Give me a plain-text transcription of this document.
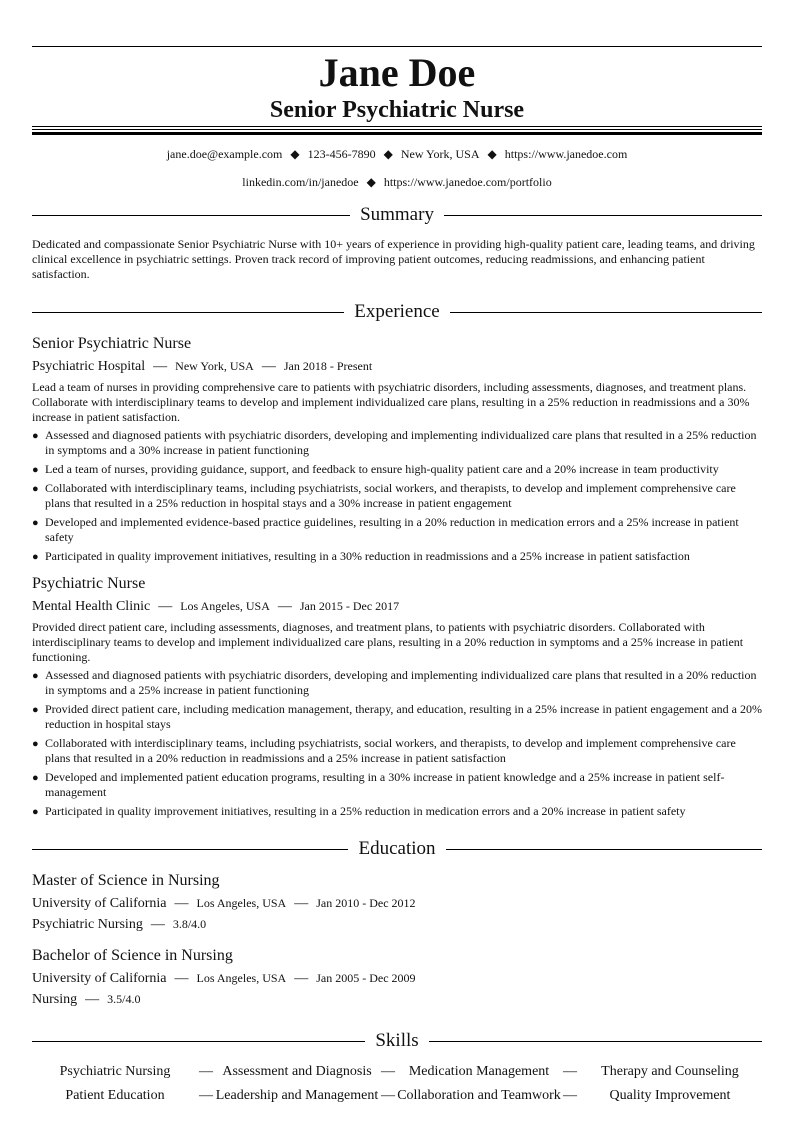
Jane Doe
Senior Psychiatric Nurse
jane.doe@example.com ◆ 123-456-7890 ◆ New York, USA ◆ https://www.janedoe.com
linkedin.com/in/janedoe ◆ https://www.janedoe.com/portfolio
Summary
Dedicated and compassionate Senior Psychiatric Nurse with 10+ years of experience in providing high-quality patient care, leading teams, and driving clinical excellence in psychiatric settings. Proven track record of improving patient outcomes, reducing readmissions, and enhancing patient satisfaction.
Experience
Senior Psychiatric Nurse
Psychiatric Hospital — New York, USA — Jan 2018 - Present
Lead a team of nurses in providing comprehensive care to patients with psychiatric disorders, including assessments, diagnoses, and treatment plans. Collaborate with interdisciplinary teams to develop and implement individualized care plans, resulting in a 25% reduction in readmissions and a 30% increase in patient satisfaction.
● Assessed and diagnosed patients with psychiatric disorders, developing and implementing individualized care plans that resulted in a 25% reduction in symptoms and a 30% increase in patient functioning
● Led a team of nurses, providing guidance, support, and feedback to ensure high-quality patient care and a 20% increase in team productivity
● Collaborated with interdisciplinary teams, including psychiatrists, social workers, and therapists, to develop and implement comprehensive care plans that resulted in a 25% reduction in hospital stays and a 30% increase in patient engagement
● Developed and implemented evidence-based practice guidelines, resulting in a 20% reduction in medication errors and a 25% increase in patient safety
● Participated in quality improvement initiatives, resulting in a 30% reduction in readmissions and a 25% increase in patient satisfaction
Psychiatric Nurse
Mental Health Clinic — Los Angeles, USA — Jan 2015 - Dec 2017
Provided direct patient care, including assessments, diagnoses, and treatment plans, to patients with psychiatric disorders. Collaborated with interdisciplinary teams to develop and implement individualized care plans, resulting in a 20% reduction in symptoms and a 25% increase in patient functioning.
● Assessed and diagnosed patients with psychiatric disorders, developing and implementing individualized care plans that resulted in a 20% reduction in symptoms and a 25% increase in patient functioning
● Provided direct patient care, including medication management, therapy, and education, resulting in a 25% increase in patient engagement and a 20% reduction in hospital stays
● Collaborated with interdisciplinary teams, including psychiatrists, social workers, and therapists, to develop and implement comprehensive care plans that resulted in a 20% reduction in readmissions and a 25% increase in patient satisfaction
● Developed and implemented patient education programs, resulting in a 30% increase in patient knowledge and a 25% increase in patient self-management
● Participated in quality improvement initiatives, resulting in a 25% reduction in medication errors and a 20% increase in patient safety
Education
Master of Science in Nursing
University of California — Los Angeles, USA — Jan 2010 - Dec 2012
Psychiatric Nursing — 3.8/4.0
Bachelor of Science in Nursing
University of California — Los Angeles, USA — Jan 2005 - Dec 2009
Nursing — 3.5/4.0
Skills
Psychiatric Nursing	— Assessment and Diagnosis — Medication Management —	Therapy and Counseling
Patient Education	— Leadership and Management — Collaboration and Teamwork —	Quality Improvement
